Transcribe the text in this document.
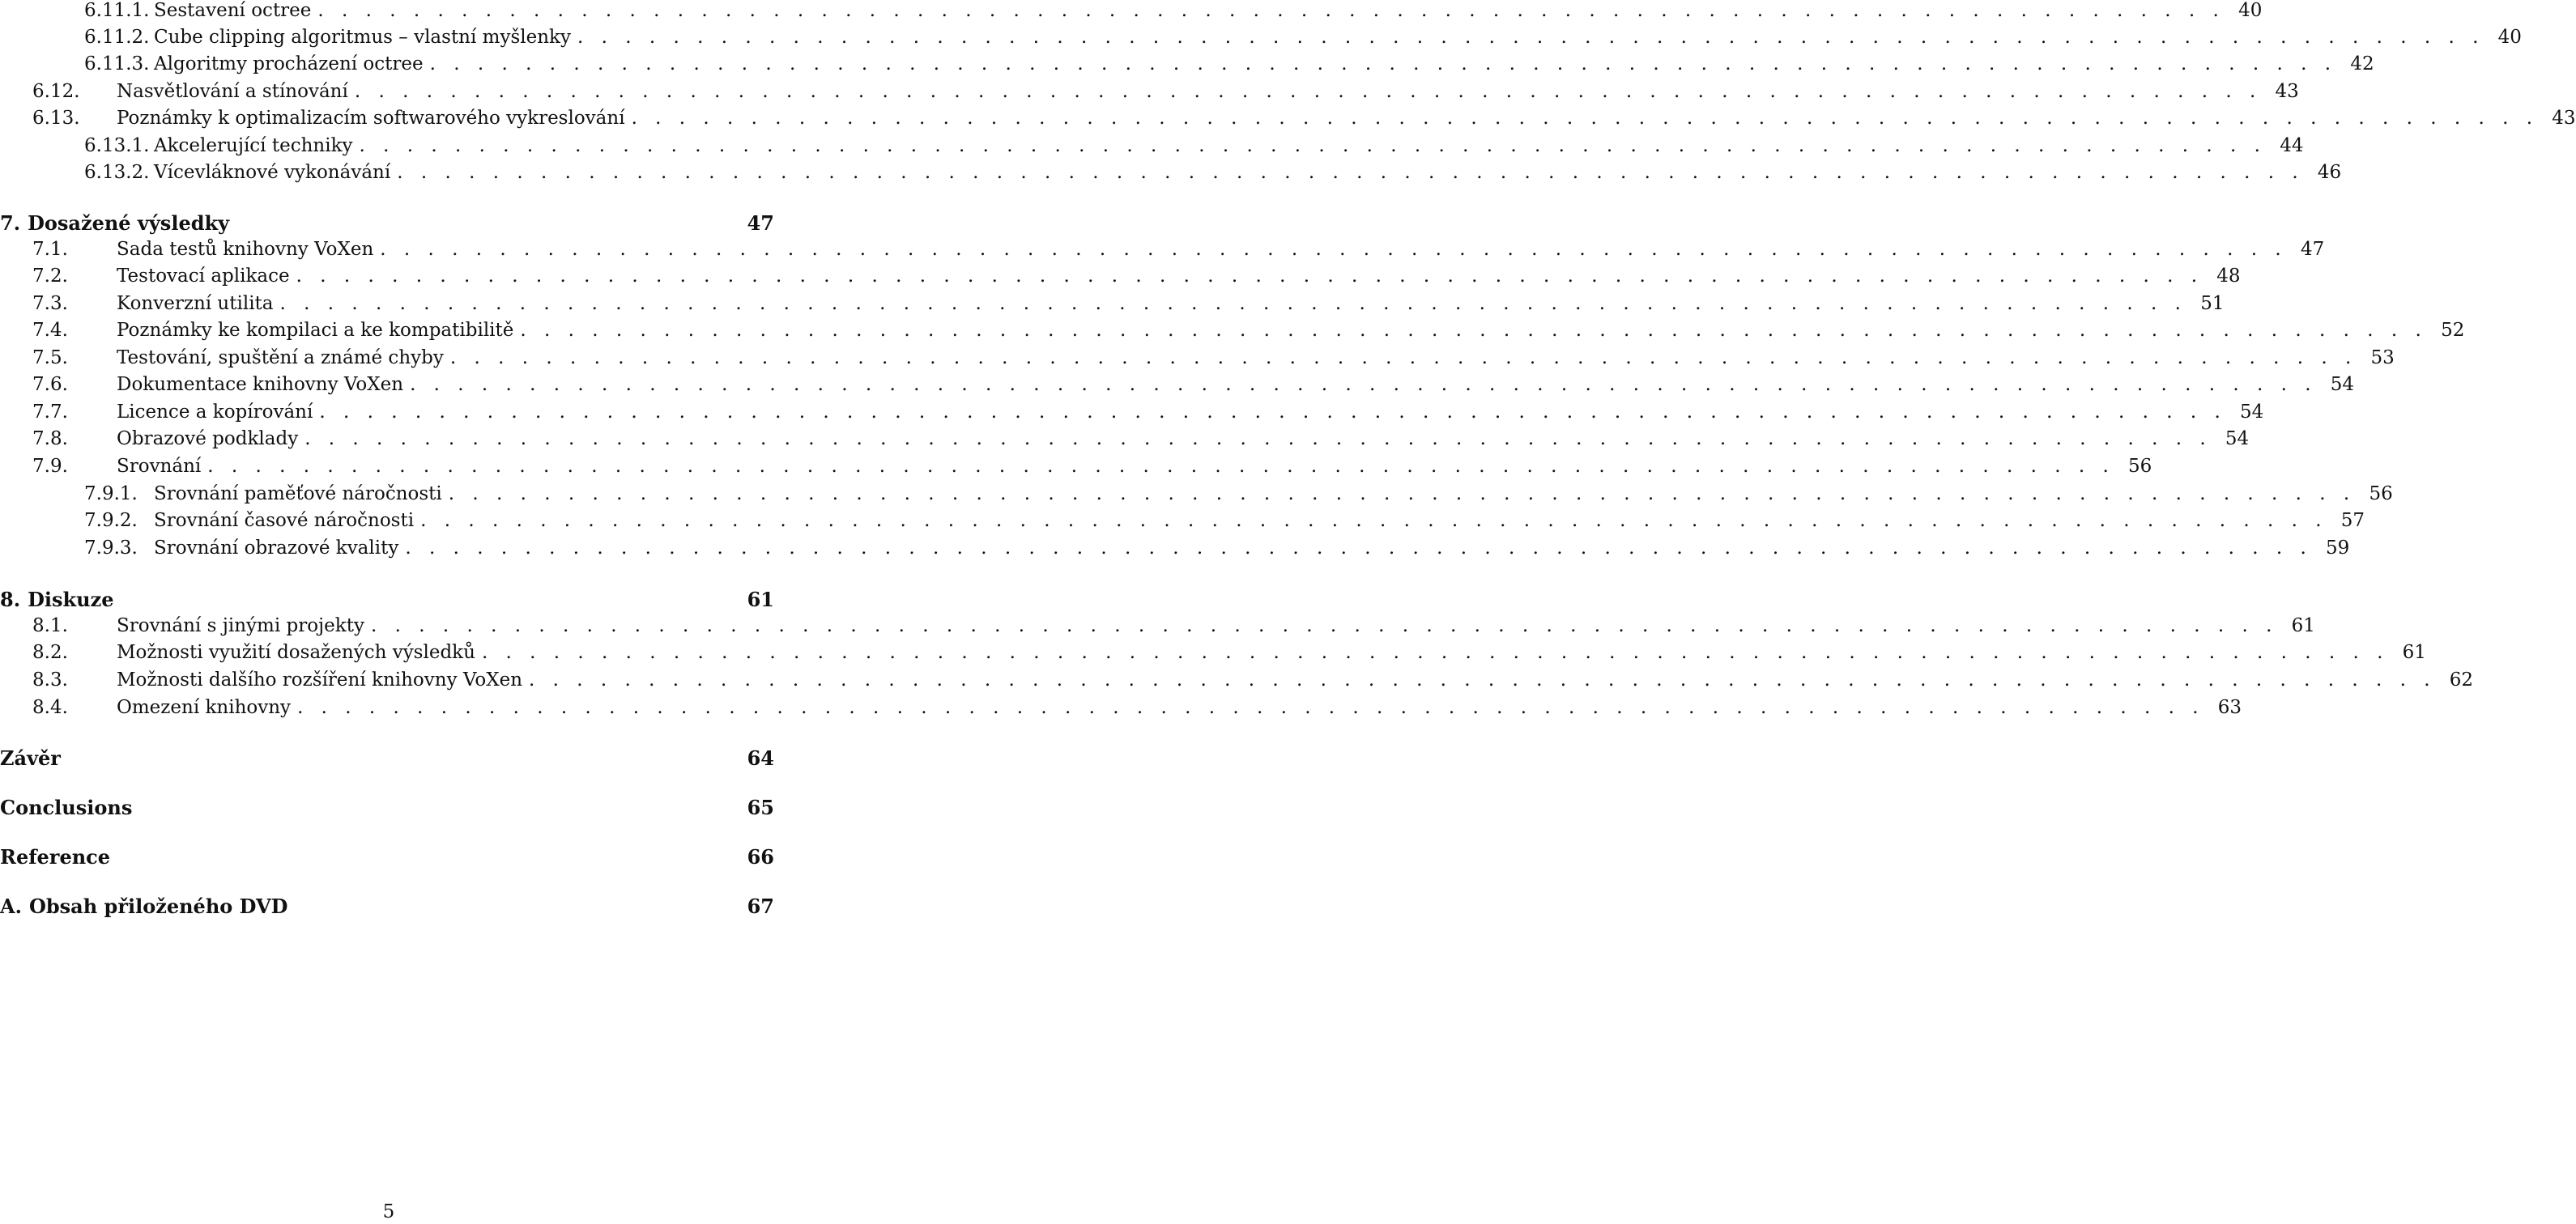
6.11.1. Sestavení octree . . . . . . . . . . . . . . . . . . . . . . . . . . . . . . . . . . . . . . . . . . . . . . . . . . . . . . . . . . . . . . . . . . . . . . . . . . . . . . . . 40
6.11.2. Cube clipping algoritmus – vlastní myšlenky . . . . . . . . . . . . . . . . . . . . . . . . . . . . . . . . . . . . . . . . . . . . . . . . . . . . . . . . . . . . . . . . . . . . . . . . . . . . . . . . 40
6.11.3. Algoritmy procházení octree . . . . . . . . . . . . . . . . . . . . . . . . . . . . . . . . . . . . . . . . . . . . . . . . . . . . . . . . . . . . . . . . . . . . . . . . . . . . . . . . 42
6.12.	Nasvětlování a stínování . . . . . . . . . . . . . . . . . . . . . . . . . . . . . . . . . . . . . . . . . . . . . . . . . . . . . . . . . . . . . . . . . . . . . . . . . . . . . . . . 43
6.13.	Poznámky k optimalizacím softwarového vykreslování . . . . . . . . . . . . . . . . . . . . . . . . . . . . . . . . . . . . . . . . . . . . . . . . . . . . . . . . . . . . . . . . . . . . . . . . . . . . . . . . 43
6.13.1. Akcelerující techniky . . . . . . . . . . . . . . . . . . . . . . . . . . . . . . . . . . . . . . . . . . . . . . . . . . . . . . . . . . . . . . . . . . . . . . . . . . . . . . . . 44
6.13.2. Vícevláknové vykonávání . . . . . . . . . . . . . . . . . . . . . . . . . . . . . . . . . . . . . . . . . . . . . . . . . . . . . . . . . . . . . . . . . . . . . . . . . . . . . . . . 46
7. Dosažené výsledky	47
7.1.	Sada testů knihovny VoXen . . . . . . . . . . . . . . . . . . . . . . . . . . . . . . . . . . . . . . . . . . . . . . . . . . . . . . . . . . . . . . . . . . . . . . . . . . . . . . . . 47
7.2.	Testovací aplikace . . . . . . . . . . . . . . . . . . . . . . . . . . . . . . . . . . . . . . . . . . . . . . . . . . . . . . . . . . . . . . . . . . . . . . . . . . . . . . . . 48
7.3.	Konverzní utilita . . . . . . . . . . . . . . . . . . . . . . . . . . . . . . . . . . . . . . . . . . . . . . . . . . . . . . . . . . . . . . . . . . . . . . . . . . . . . . . . 51
7.4.	Poznámky ke kompilaci a ke kompatibilitě . . . . . . . . . . . . . . . . . . . . . . . . . . . . . . . . . . . . . . . . . . . . . . . . . . . . . . . . . . . . . . . . . . . . . . . . . . . . . . . . 52
7.5.	Testování, spuštění a známé chyby . . . . . . . . . . . . . . . . . . . . . . . . . . . . . . . . . . . . . . . . . . . . . . . . . . . . . . . . . . . . . . . . . . . . . . . . . . . . . . . . 53
7.6.	Dokumentace knihovny VoXen . . . . . . . . . . . . . . . . . . . . . . . . . . . . . . . . . . . . . . . . . . . . . . . . . . . . . . . . . . . . . . . . . . . . . . . . . . . . . . . . 54
7.7.	Licence a kopírování . . . . . . . . . . . . . . . . . . . . . . . . . . . . . . . . . . . . . . . . . . . . . . . . . . . . . . . . . . . . . . . . . . . . . . . . . . . . . . . . 54
7.8.	Obrazové podklady . . . . . . . . . . . . . . . . . . . . . . . . . . . . . . . . . . . . . . . . . . . . . . . . . . . . . . . . . . . . . . . . . . . . . . . . . . . . . . . . 54
7.9.	Srovnání . . . . . . . . . . . . . . . . . . . . . . . . . . . . . . . . . . . . . . . . . . . . . . . . . . . . . . . . . . . . . . . . . . . . . . . . . . . . . . . . 56
7.9.1. Srovnání paměťové náročnosti . . . . . . . . . . . . . . . . . . . . . . . . . . . . . . . . . . . . . . . . . . . . . . . . . . . . . . . . . . . . . . . . . . . . . . . . . . . . . . . . 56
7.9.2. Srovnání časové náročnosti . . . . . . . . . . . . . . . . . . . . . . . . . . . . . . . . . . . . . . . . . . . . . . . . . . . . . . . . . . . . . . . . . . . . . . . . . . . . . . . . 57
7.9.3. Srovnání obrazové kvality . . . . . . . . . . . . . . . . . . . . . . . . . . . . . . . . . . . . . . . . . . . . . . . . . . . . . . . . . . . . . . . . . . . . . . . . . . . . . . . . 59
8. Diskuze	61
8.1.	Srovnání s jinými projekty . . . . . . . . . . . . . . . . . . . . . . . . . . . . . . . . . . . . . . . . . . . . . . . . . . . . . . . . . . . . . . . . . . . . . . . . . . . . . . . . 61
8.2.	Možnosti využití dosažených výsledků . . . . . . . . . . . . . . . . . . . . . . . . . . . . . . . . . . . . . . . . . . . . . . . . . . . . . . . . . . . . . . . . . . . . . . . . . . . . . . . . 61
8.3.	Možnosti dalšího rozšíření knihovny VoXen . . . . . . . . . . . . . . . . . . . . . . . . . . . . . . . . . . . . . . . . . . . . . . . . . . . . . . . . . . . . . . . . . . . . . . . . . . . . . . . . 62
8.4.	Omezení knihovny . . . . . . . . . . . . . . . . . . . . . . . . . . . . . . . . . . . . . . . . . . . . . . . . . . . . . . . . . . . . . . . . . . . . . . . . . . . . . . . . 63
Závěr	64
Conclusions	65
Reference	66
A. Obsah přiloženého DVD	67
5
